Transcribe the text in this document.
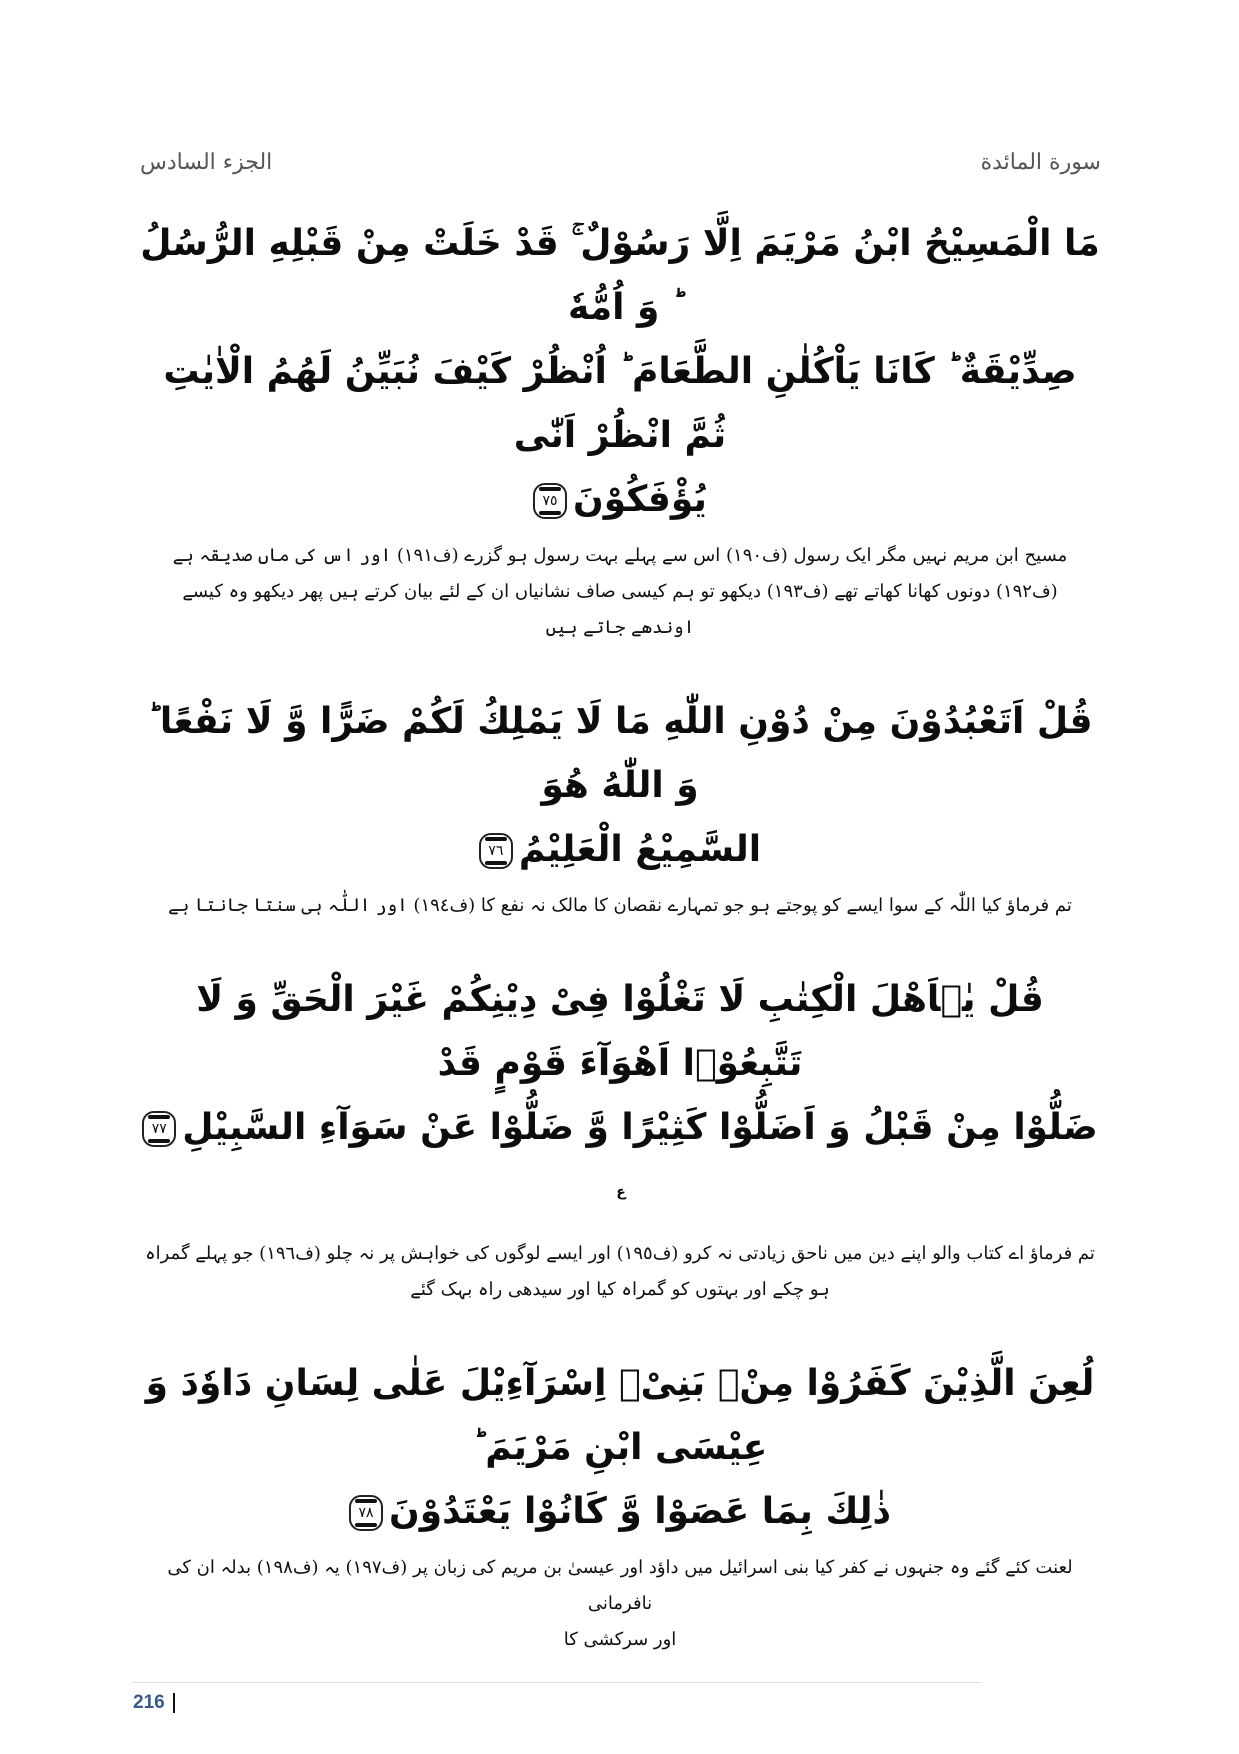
سورة المائدة
الجزء السادس
مَا الْمَسِيْحُ ابْنُ مَرْيَمَ اِلَّا رَسُوْلٌ ۚ قَدْ خَلَتْ مِنْ قَبْلِهِ الرُّسُلُ ؕ وَ اُمُّهٗ
صِدِّيْقَةٌ ؕ كَانَا يَاْكُلٰنِ الطَّعَامَ ؕ اُنْظُرْ كَيْفَ نُبَيِّنُ لَهُمُ الْاٰيٰتِ ثُمَّ انْظُرْ اَنّٰى
يُؤْفَكُوْنَ٧٥
مسیح ابن مریم نہیں مگر ایک رسول (ف١٩٠) اس سے پہلے بہت رسول ہو گزرے (ف١٩١) اور اس کی ماں صدیقہ ہے
(ف١٩٢) دونوں کھانا کھاتے تھے (ف١٩٣) دیکھو تو ہم کیسی صاف نشانیاں ان کے لئے بیان کرتے ہیں پھر دیکھو وہ کیسے
اوندھے جاتے ہیں
قُلْ اَتَعْبُدُوْنَ مِنْ دُوْنِ اللّٰهِ مَا لَا يَمْلِكُ لَكُمْ ضَرًّا وَّ لَا نَفْعًا ؕ وَ اللّٰهُ هُوَ
السَّمِيْعُ الْعَلِيْمُ٧٦
تم فرماؤ کیا اللّٰہ کے سوا ایسے کو پوجتے ہو جو تمہارے نقصان کا مالک نہ نفع کا (ف١٩٤) اور اللّٰہ ہی سنتا جانتا ہے
قُلْ يٰۤاَهْلَ الْكِتٰبِ لَا تَغْلُوْا فِیْ دِيْنِكُمْ غَيْرَ الْحَقِّ وَ لَا تَتَّبِعُوْۤا اَهْوَآءَ قَوْمٍ قَدْ
ضَلُّوْا مِنْ قَبْلُ وَ اَضَلُّوْا كَثِيْرًا وَّ ضَلُّوْا عَنْ سَوَآءِ $السَّبِيْلِ٧٧^ع$
تم فرماؤ اے کتاب والو اپنے دین میں ناحق زیادتی نہ کرو (ف١٩٥) اور ایسے لوگوں کی خواہش پر نہ چلو (ف١٩٦) جو پہلے گمراہ
ہو چکے اور بہتوں کو گمراہ کیا اور سیدھی راہ بہک گئے
لُعِنَ الَّذِيْنَ كَفَرُوْا مِنْۢ بَنِیْۤ اِسْرَآءِيْلَ عَلٰى لِسَانِ دَاوٗدَ وَ عِيْسَى ابْنِ مَرْيَمَ ؕ
ذٰلِكَ بِمَا عَصَوْا وَّ كَانُوْا يَعْتَدُوْنَ٧٨
لعنت کئے گئے وہ جنہوں نے کفر کیا بنی اسرائیل میں داؤد اور عیسیٰ بن مریم کی زبان پر (ف١٩٧) یہ (ف١٩٨) بدلہ ان کی نافرمانی
اور سرکشی کا
216
